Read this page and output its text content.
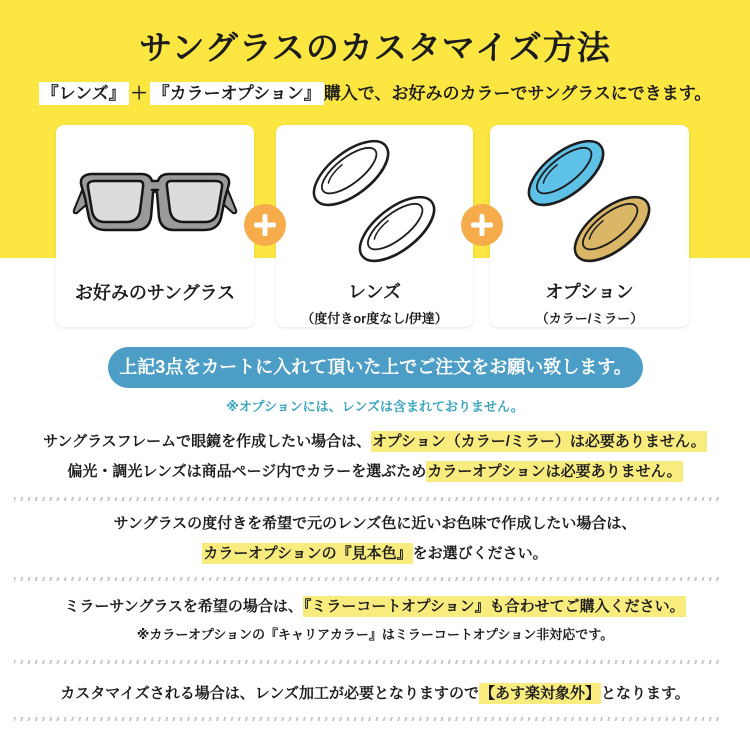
サングラスのカスタマイズ方法
『レンズ』 ＋ 『カラーオプション』 購入で、お好みのカラーでサングラスにできます。
お好みのサングラス	レンズ
（度付きor度なし/伊達）
オプション
（カラー/ミラー）
上記3点をカートに入れて頂いた上でご注文をお願い致します。
※オプションには、レンズは含まれておりません。
サングラスフレームで眼鏡を作成したい場合は、オプション（カラー/ミラー）は必要ありません。
偏光・調光レンズは商品ページ内でカラーを選ぶためカラーオプションは必要ありません。
サングラスの度付きを希望で元のレンズ色に近いお色味で作成したい場合は、
カラーオプションの『見本色』をお選びください。
ミラーサングラスを希望の場合は、『ミラーコートオプション』も合わせてご購入ください。
※カラーオプションの『キャリアカラー』はミラーコートオプション非対応です。
カスタマイズされる場合は、レンズ加工が必要となりますので【あす楽対象外】となります。
